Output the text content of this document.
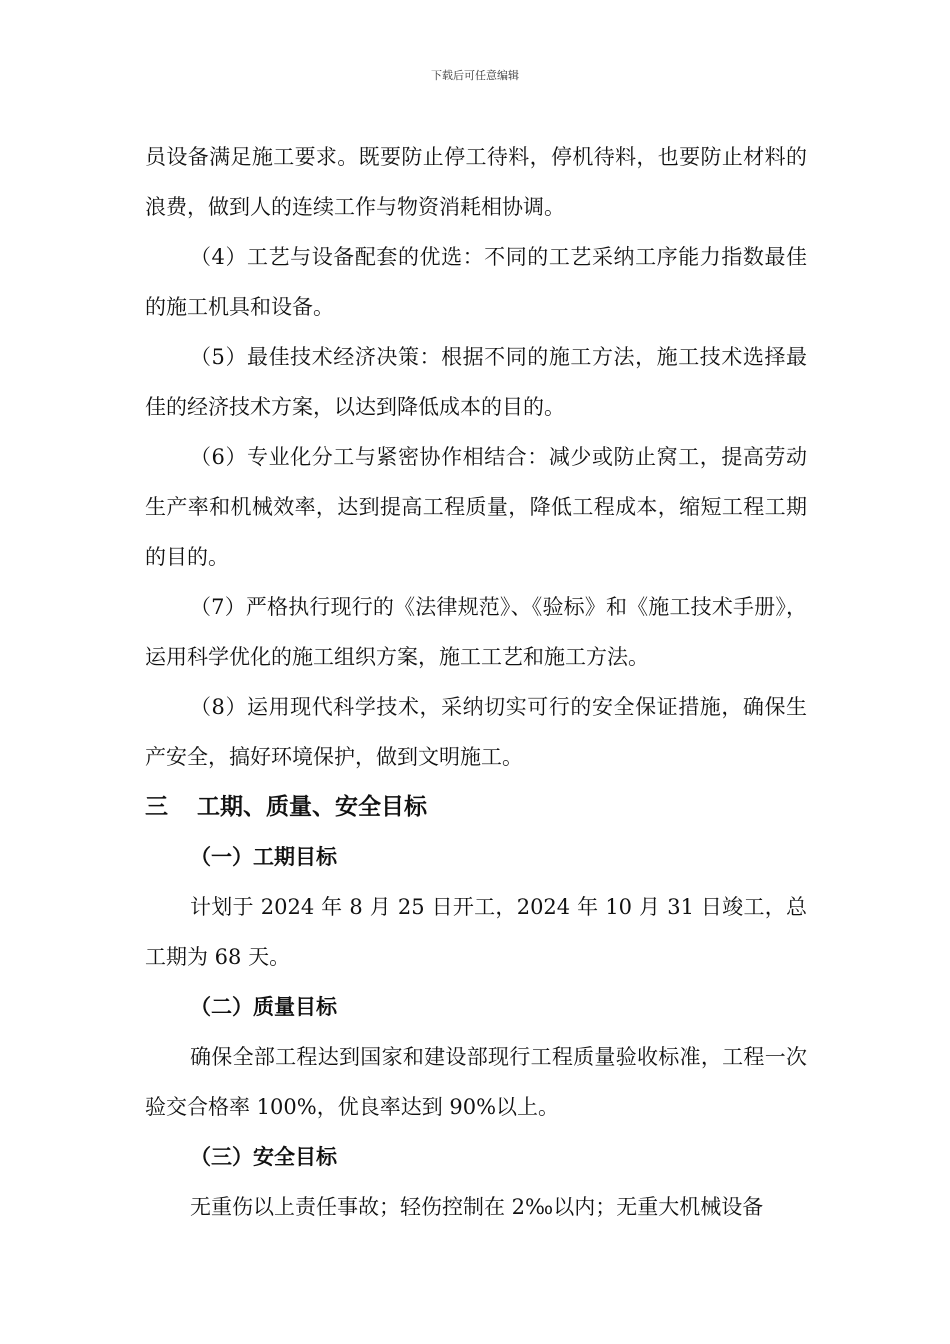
下载后可任意编辑

员设备满足施工要求。既要防止停工待料，停机待料，也要防止材料的浪费，做到人的连续工作与物资消耗相协调。

（4）工艺与设备配套的优选：不同的工艺采纳工序能力指数最佳的施工机具和设备。

（5）最佳技术经济决策：根据不同的施工方法，施工技术选择最佳的经济技术方案，以达到降低成本的目的。

（6）专业化分工与紧密协作相结合：减少或防止窝工，提高劳动生产率和机械效率，达到提高工程质量，降低工程成本，缩短工程工期的目的。

（7）严格执行现行的《法律规范》、《验标》和《施工技术手册》，运用科学优化的施工组织方案，施工工艺和施工方法。

（8）运用现代科学技术，采纳切实可行的安全保证措施，确保生产安全，搞好环境保护，做到文明施工。

三 工期、质量、安全目标
（一）工期目标

计划于 2024 年 8 月 25 日开工，2024 年 10 月 31 日竣工，总工期为 68 天。

（二）质量目标

确保全部工程达到国家和建设部现行工程质量验收标准，工程一次验交合格率 100%，优良率达到 90%以上。

（三）安全目标

无重伤以上责任事故；轻伤控制在 2‰以内；无重大机械设备
